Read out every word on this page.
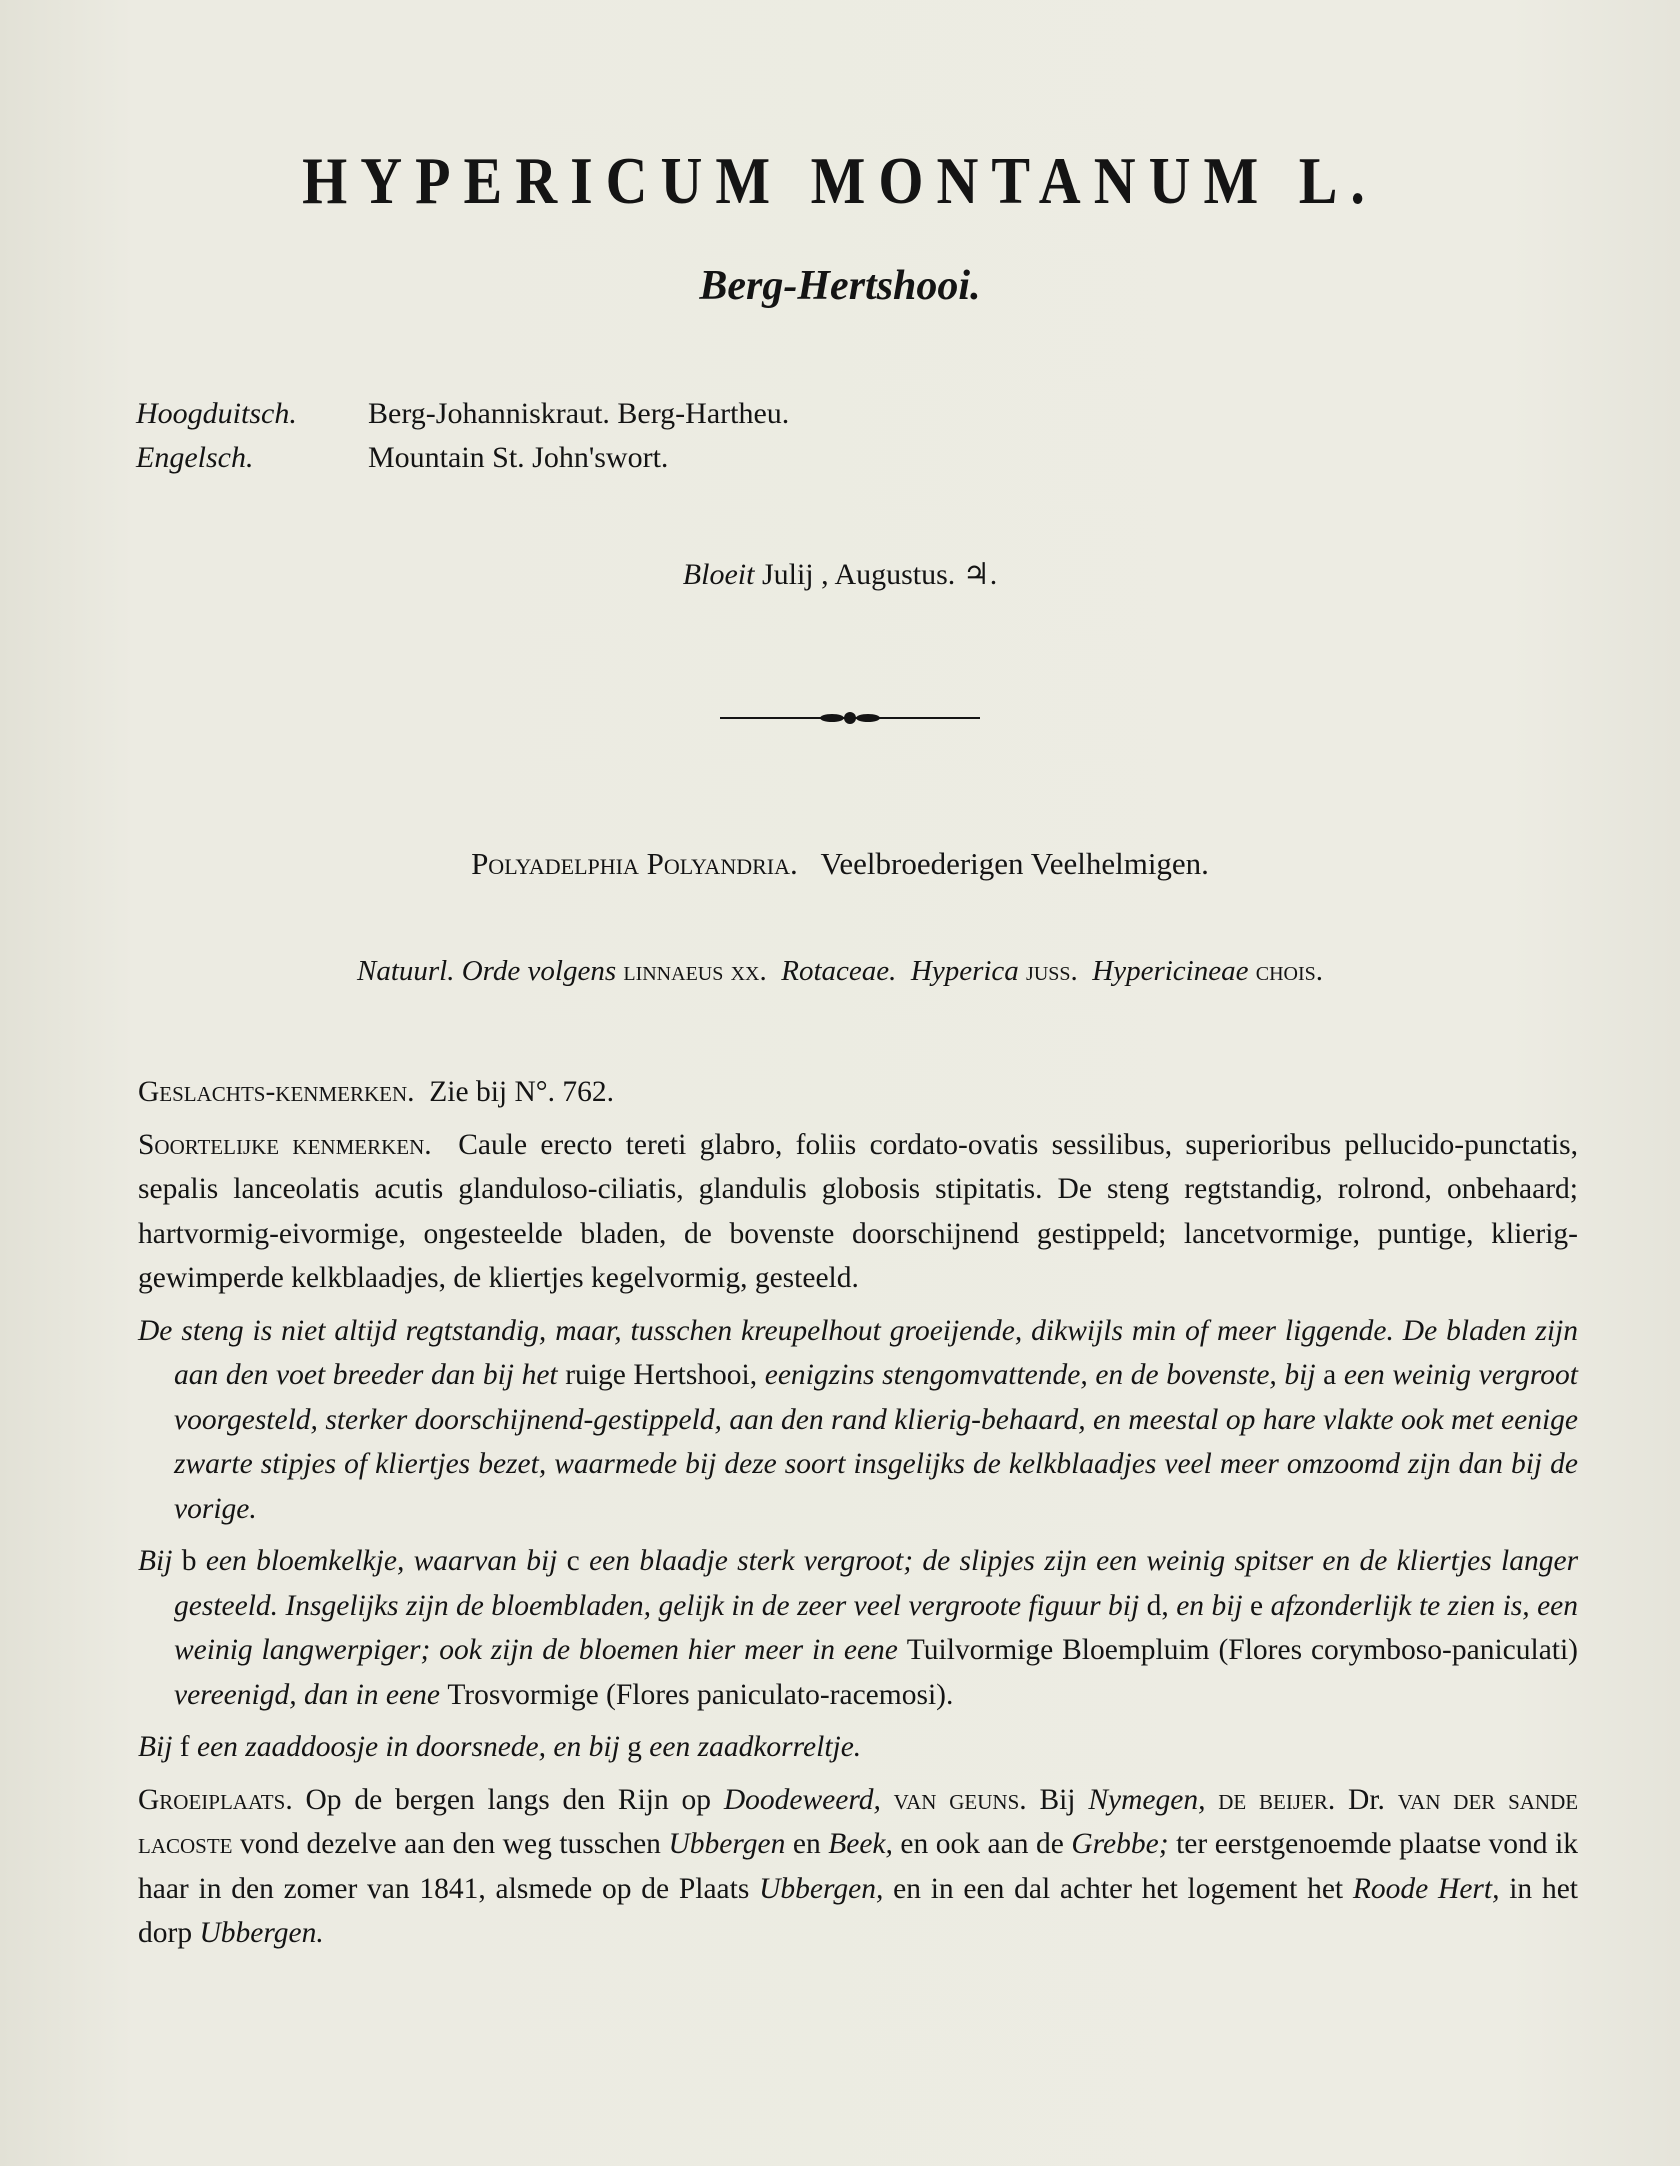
HYPERICUM MONTANUM L.
Berg-Hertshooi.
Hoogduitsch.	Berg-Johanniskraut. Berg-Hartheu.
Engelsch.	Mountain St. John'swort.
Bloeit Julij , Augustus. ♃.
Polyadelphia Polyandria. Veelbroederigen Veelhelmigen.
Natuurl. Orde volgens linnaeus xx. Rotaceae. Hyperica juss. Hypericineae chois.

Geslachts-kenmerken. Zie bij N°. 762.

Soortelijke kenmerken. Caule erecto tereti glabro, foliis cordato-ovatis sessilibus, superioribus pellucido-punctatis, sepalis lanceolatis acutis glanduloso-ciliatis, glandulis globosis stipitatis. De steng regtstandig, rolrond, onbehaard; hartvormig-eivormige, ongesteelde bladen, de bovenste doorschijnend gestippeld; lancetvormige, puntige, klierig-gewimperde kelkblaadjes, de kliertjes kegelvormig, gesteeld.

De steng is niet altijd regtstandig, maar, tusschen kreupelhout groeijende, dikwijls min of meer liggende. De bladen zijn aan den voet breeder dan bij het ruige Hertshooi, eenigzins stengomvattende, en de bovenste, bij a een weinig vergroot voorgesteld, sterker doorschijnend-gestippeld, aan den rand klierig-behaard, en meestal op hare vlakte ook met eenige zwarte stipjes of kliertjes bezet, waarmede bij deze soort insgelijks de kelkblaadjes veel meer omzoomd zijn dan bij de vorige.

Bij b een bloemkelkje, waarvan bij c een blaadje sterk vergroot; de slipjes zijn een weinig spitser en de kliertjes langer gesteeld. Insgelijks zijn de bloembladen, gelijk in de zeer veel vergroote figuur bij d, en bij e afzonderlijk te zien is, een weinig langwerpiger; ook zijn de bloemen hier meer in eene Tuilvormige Bloempluim (Flores corymboso-paniculati) vereenigd, dan in eene Trosvormige (Flores paniculato-racemosi).

Bij f een zaaddoosje in doorsnede, en bij g een zaadkorreltje.

Groeiplaats. Op de bergen langs den Rijn op Doodeweerd, van geuns. Bij Nymegen, de beijer. Dr. van der sande lacoste vond dezelve aan den weg tusschen Ubbergen en Beek, en ook aan de Grebbe; ter eerstgenoemde plaatse vond ik haar in den zomer van 1841, alsmede op de Plaats Ubbergen, en in een dal achter het logement het Roode Hert, in het dorp Ubbergen.
